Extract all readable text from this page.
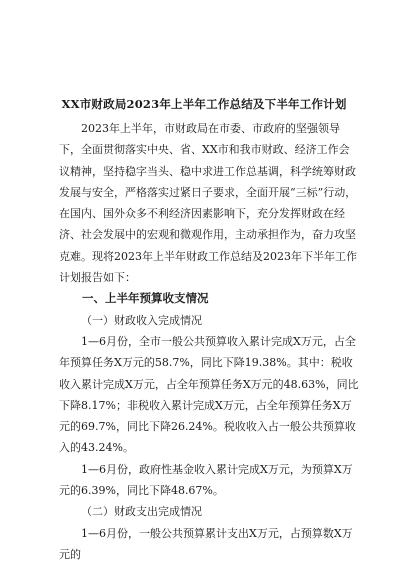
XX市财政局2023年上半年工作总结及下半年工作计划

2023年上半年，市财政局在市委、市政府的坚强领导下，全面贯彻落实中央、省、XX市和我市财政、经济工作会议精神，坚持稳字当头、稳中求进工作总基调，科学统筹财政发展与安全，严格落实过紧日子要求，全面开展“三标”行动，在国内、国外众多不利经济因素影响下，充分发挥财政在经济、社会发展中的宏观和微观作用，主动承担作为，奋力攻坚克难。现将2023年上半年财政工作总结及2023年下半年工作计划报告如下：

一、上半年预算收支情况

（一）财政收入完成情况

1—6月份，全市一般公共预算收入累计完成X万元，占全年预算任务X万元的58.7%，同比下降19.38%。其中：税收收入累计完成X万元，占全年预算任务X万元的48.63%，同比下降8.17%；非税收入累计完成X万元，占全年预算任务X万元的69.7%，同比下降26.24%。税收收入占一般公共预算收入的43.24%。

1—6月份，政府性基金收入累计完成X万元，为预算X万元的6.39%，同比下降48.67%。

（二）财政支出完成情况

1—6月份，一般公共预算累计支出X万元，占预算数X万元的
